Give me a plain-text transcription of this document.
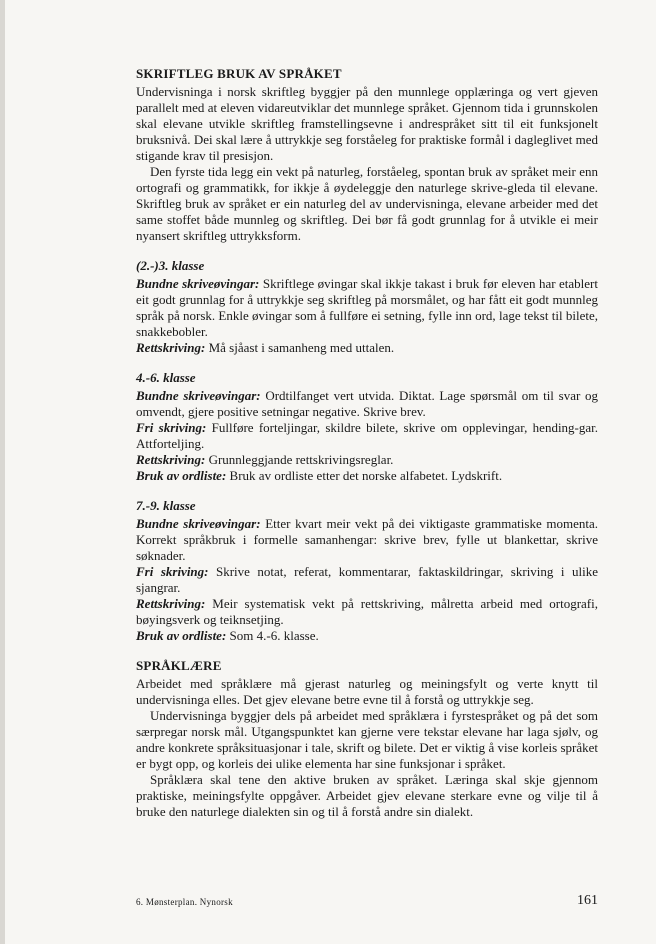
SKRIFTLEG BRUK AV SPRÅKET

Undervisninga i norsk skriftleg byggjer på den munnlege opplæringa og vert gjeven parallelt med at eleven vidareutviklar det munnlege språket. Gjennom tida i grunnskolen skal elevane utvikle skriftleg framstellingsevne i andrespråket sitt til eit funksjonelt bruksnivå. Dei skal lære å uttrykkje seg forståeleg for praktiske formål i dagleglivet med stigande krav til presisjon.

Den fyrste tida legg ein vekt på naturleg, forståeleg, spontan bruk av språket meir enn ortografi og grammatikk, for ikkje å øydeleggje den naturlege skrive-gleda til elevane. Skriftleg bruk av språket er ein naturleg del av undervisninga, elevane arbeider med det same stoffet både munnleg og skriftleg. Dei bør få godt grunnlag for å utvikle ei meir nyansert skriftleg uttrykksform.

(2.-)3. klasse

Bundne skriveøvingar: Skriftlege øvingar skal ikkje takast i bruk før eleven har etablert eit godt grunnlag for å uttrykkje seg skriftleg på morsmålet, og har fått eit godt munnleg språk på norsk. Enkle øvingar som å fullføre ei setning, fylle inn ord, lage tekst til bilete, snakkebobler.

Rettskriving: Må sjåast i samanheng med uttalen.

4.-6. klasse

Bundne skriveøvingar: Ordtilfanget vert utvida. Diktat. Lage spørsmål om til svar og omvendt, gjere positive setningar negative. Skrive brev.

Fri skriving: Fullføre forteljingar, skildre bilete, skrive om opplevingar, hending-gar. Attforteljing.

Rettskriving: Grunnleggjande rettskrivingsreglar.

Bruk av ordliste: Bruk av ordliste etter det norske alfabetet. Lydskrift.

7.-9. klasse

Bundne skriveøvingar: Etter kvart meir vekt på dei viktigaste grammatiske momenta. Korrekt språkbruk i formelle samanhengar: skrive brev, fylle ut blankettar, skrive søknader.

Fri skriving: Skrive notat, referat, kommentarar, faktaskildringar, skriving i ulike sjangrar.

Rettskriving: Meir systematisk vekt på rettskriving, målretta arbeid med ortografi, bøyingsverk og teiknsetjing.

Bruk av ordliste: Som 4.-6. klasse.

SPRÅKLÆRE

Arbeidet med språklære må gjerast naturleg og meiningsfylt og verte knytt til undervisninga elles. Det gjev elevane betre evne til å forstå og uttrykkje seg.

Undervisninga byggjer dels på arbeidet med språklæra i fyrstespråket og på det som særpregar norsk mål. Utgangspunktet kan gjerne vere tekstar elevane har laga sjølv, og andre konkrete språksituasjonar i tale, skrift og bilete. Det er viktig å vise korleis språket er bygt opp, og korleis dei ulike elementa har sine funksjonar i språket.

Språklæra skal tene den aktive bruken av språket. Læringa skal skje gjennom praktiske, meiningsfylte oppgåver. Arbeidet gjev elevane sterkare evne og vilje til å bruke den naturlege dialekten sin og til å forstå andre sin dialekt.

6. Mønsterplan. Nynorsk	161
